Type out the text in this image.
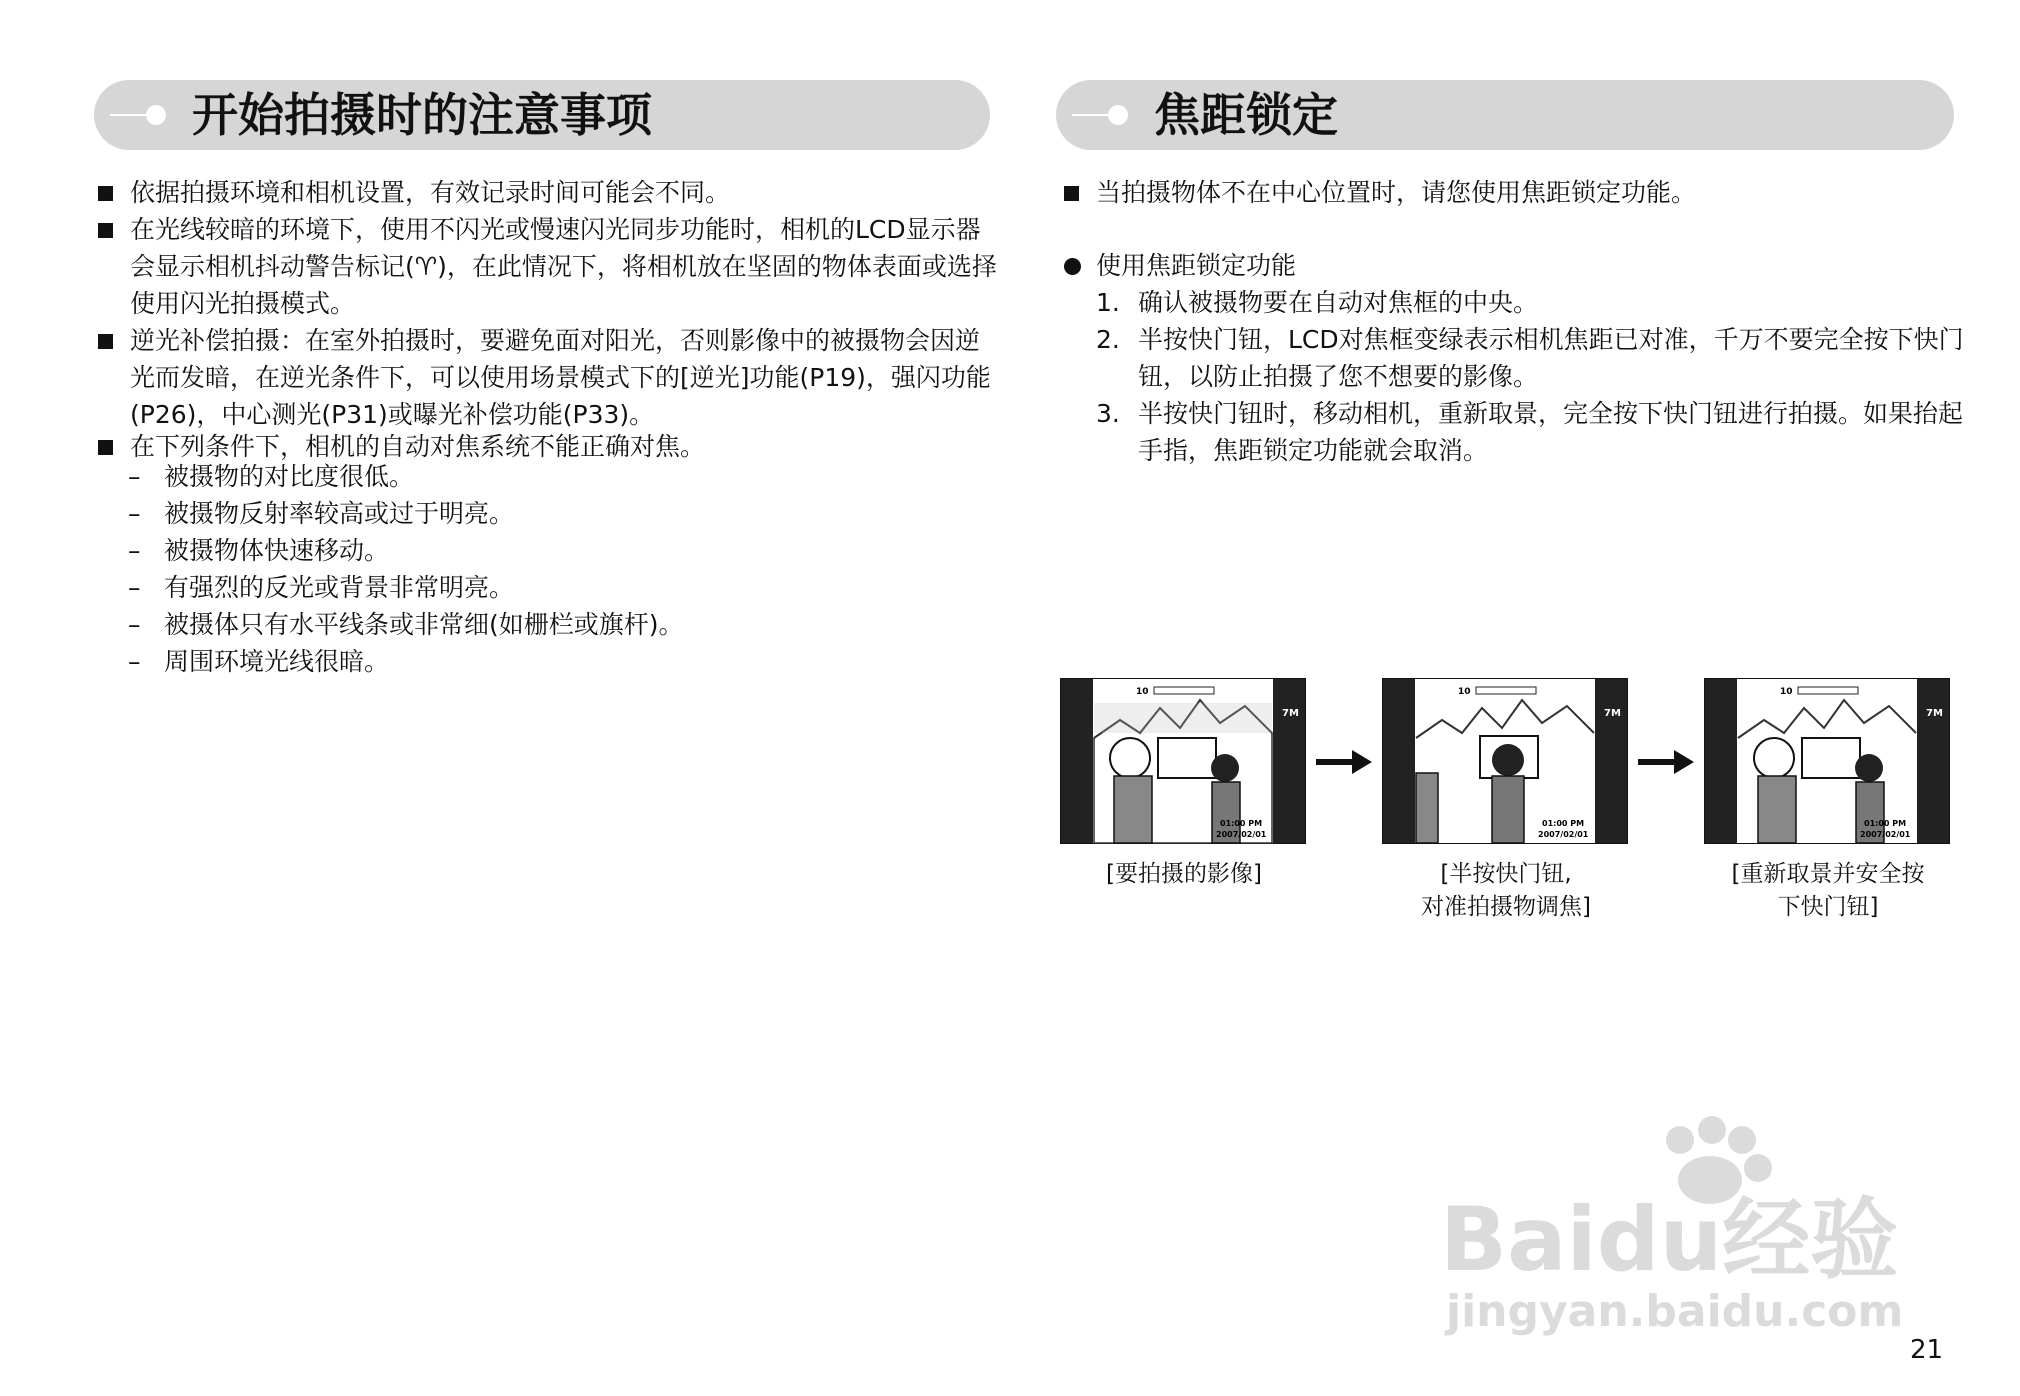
开始拍摄时的注意事项	焦距锁定
依据拍摄环境和相机设置，有效记录时间可能会不同。
在光线较暗的环境下，使用不闪光或慢速闪光同步功能时，相机的LCD显示器会显示相机抖动警告标记(♈)，在此情况下，将相机放在坚固的物体表面或选择使用闪光拍摄模式。
逆光补偿拍摄：在室外拍摄时，要避免面对阳光，否则影像中的被摄物会因逆光而发暗，在逆光条件下，可以使用场景模式下的[逆光]功能(P19)，强闪功能(P26)，中心测光(P31)或曝光补偿功能(P33)。
在下列条件下，相机的自动对焦系统不能正确对焦。
– 被摄物的对比度很低。
– 被摄物反射率较高或过于明亮。
– 被摄物体快速移动。
– 有强烈的反光或背景非常明亮。
– 被摄体只有水平线条或非常细(如栅栏或旗杆)。
– 周围环境光线很暗。
当拍摄物体不在中心位置时，请您使用焦距锁定功能。
使用焦距锁定功能
1. 确认被摄物要在自动对焦框的中央。
2. 半按快门钮，LCD对焦框变绿表示相机焦距已对准，千万不要完全按下快门钮，以防止拍摄了您不想要的影像。
3. 半按快门钮时，移动相机，重新取景，完全按下快门钮进行拍摄。如果抬起手指，焦距锁定功能就会取消。
10
7M
01:00 PM
2007/02/01
10
7M
01:00 PM
2007/02/01
10
7M
01:00 PM
2007/02/01
[要拍摄的影像]	[半按快门钮,
对准拍摄物调焦]
[重新取景并安全按
下快门钮]
Baidu经验
jingyan.baidu.com
21
